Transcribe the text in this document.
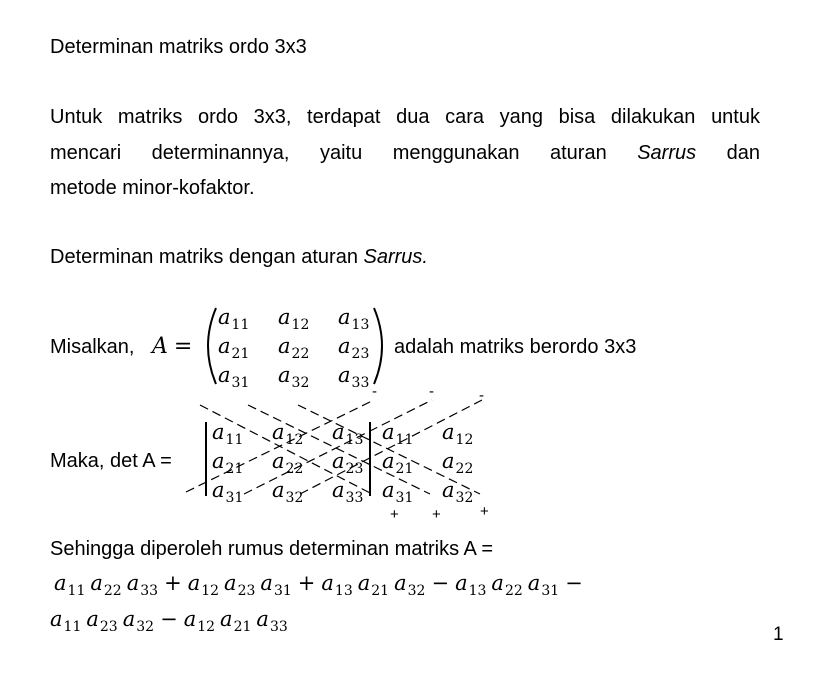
Determinan matriks ordo 3x3
Untuk matriks ordo 3x3, terdapat dua cara yang bisa dilakukan untuk
mencari determinannya, yaitu menggunakan aturan Sarrus dan
metode minor-kofaktor.
Determinan matriks dengan aturan Sarrus.
Misalkan, A =
$a_{11}$ $a_{12}$ $a_{13}$
$a_{21}$ $a_{22}$ $a_{23}$
$a_{31}$ $a_{32}$ $a_{33}$
adalah matriks berordo 3x3
Maka, det A =
$a_{11}$ $a_{12}$ $a_{13}$ $a_{11}$ $a_{12}$
$a_{21}$ $a_{22}$ $a_{23}$ $a_{21}$ $a_{22}$
$a_{31}$ $a_{32}$ $a_{33}$ $a_{31}$ $a_{32}$
-	-	-
+ +	+
Sehingga diperoleh rumus determinan matriks A =
$a_{11}$ $a_{22}$ $a_{33} + a_{12}$ $a_{23}$ $a_{31} + a_{13}$ $a_{21}$ $a_{32} - a_{13}$ $a_{22}$ $a_{31}$ −
$a_{11}$ $a_{23}$ $a_{32} - a_{12}$ $a_{21}$ $a_{33}$	1
